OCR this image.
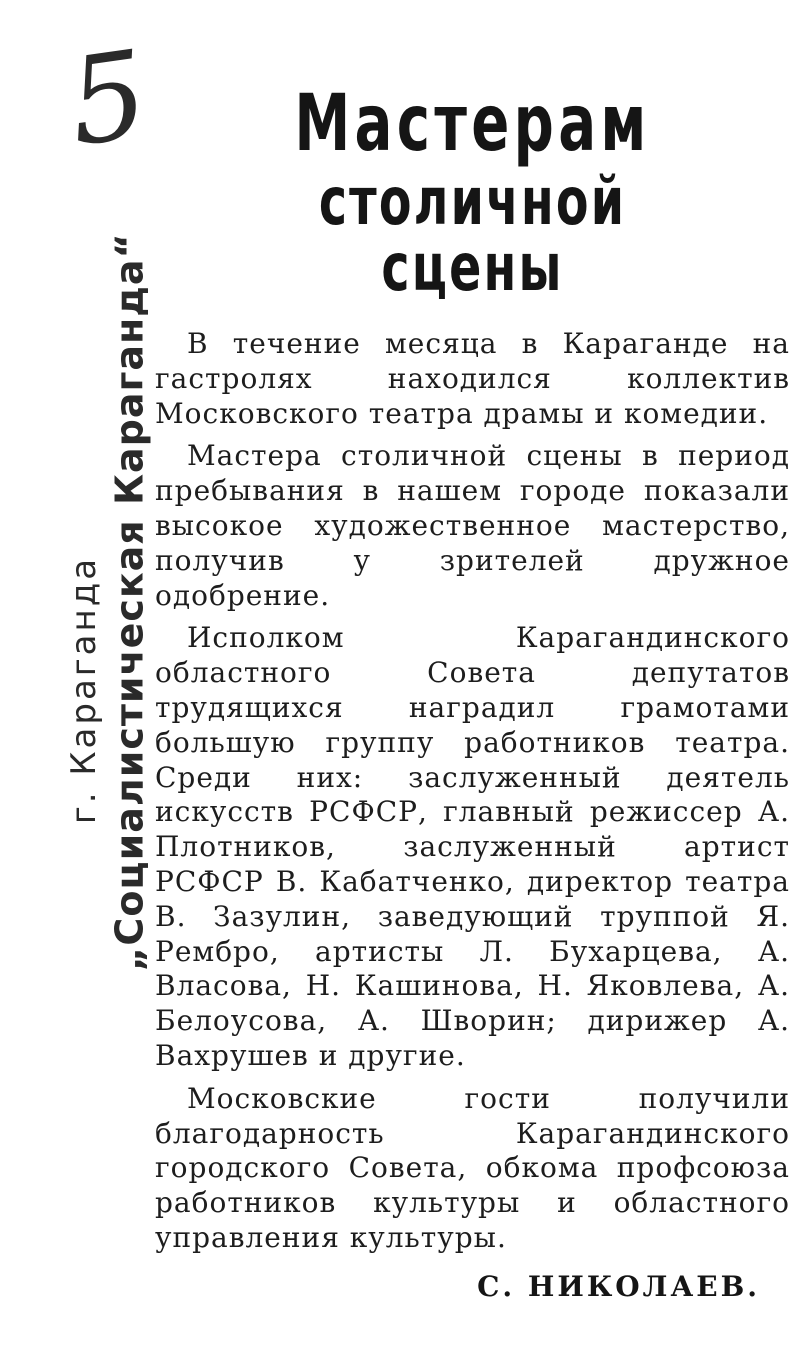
5
„Социалистическая Караганда“
г. Караганда
Мастерам
столичной сцены

В течение месяца в Караганде на гастролях находился коллектив Московского театра драмы и комедии.

Мастера столичной сцены в период пребывания в нашем городе показали высокое художественное мастерство, получив у зрителей дружное одобрение.

Исполком Карагандинского областного Совета депутатов трудящихся наградил грамотами большую группу работников театра. Среди них: заслуженный деятель искусств РСФСР, главный режиссер А. Плотников, заслуженный артист РСФСР В. Кабатченко, директор театра В. Зазулин, заведующий труппой Я. Рембро, артисты Л. Бухарцева, А. Власова, Н. Кашинова, Н. Яковлева, А. Белоусова, А. Шворин; дирижер А. Вахрушев и другие.

Московские гости получили благодарность Карагандинского городского Совета, обкома профсоюза работников культуры и областного управления культуры.

С. НИКОЛАЕВ.
